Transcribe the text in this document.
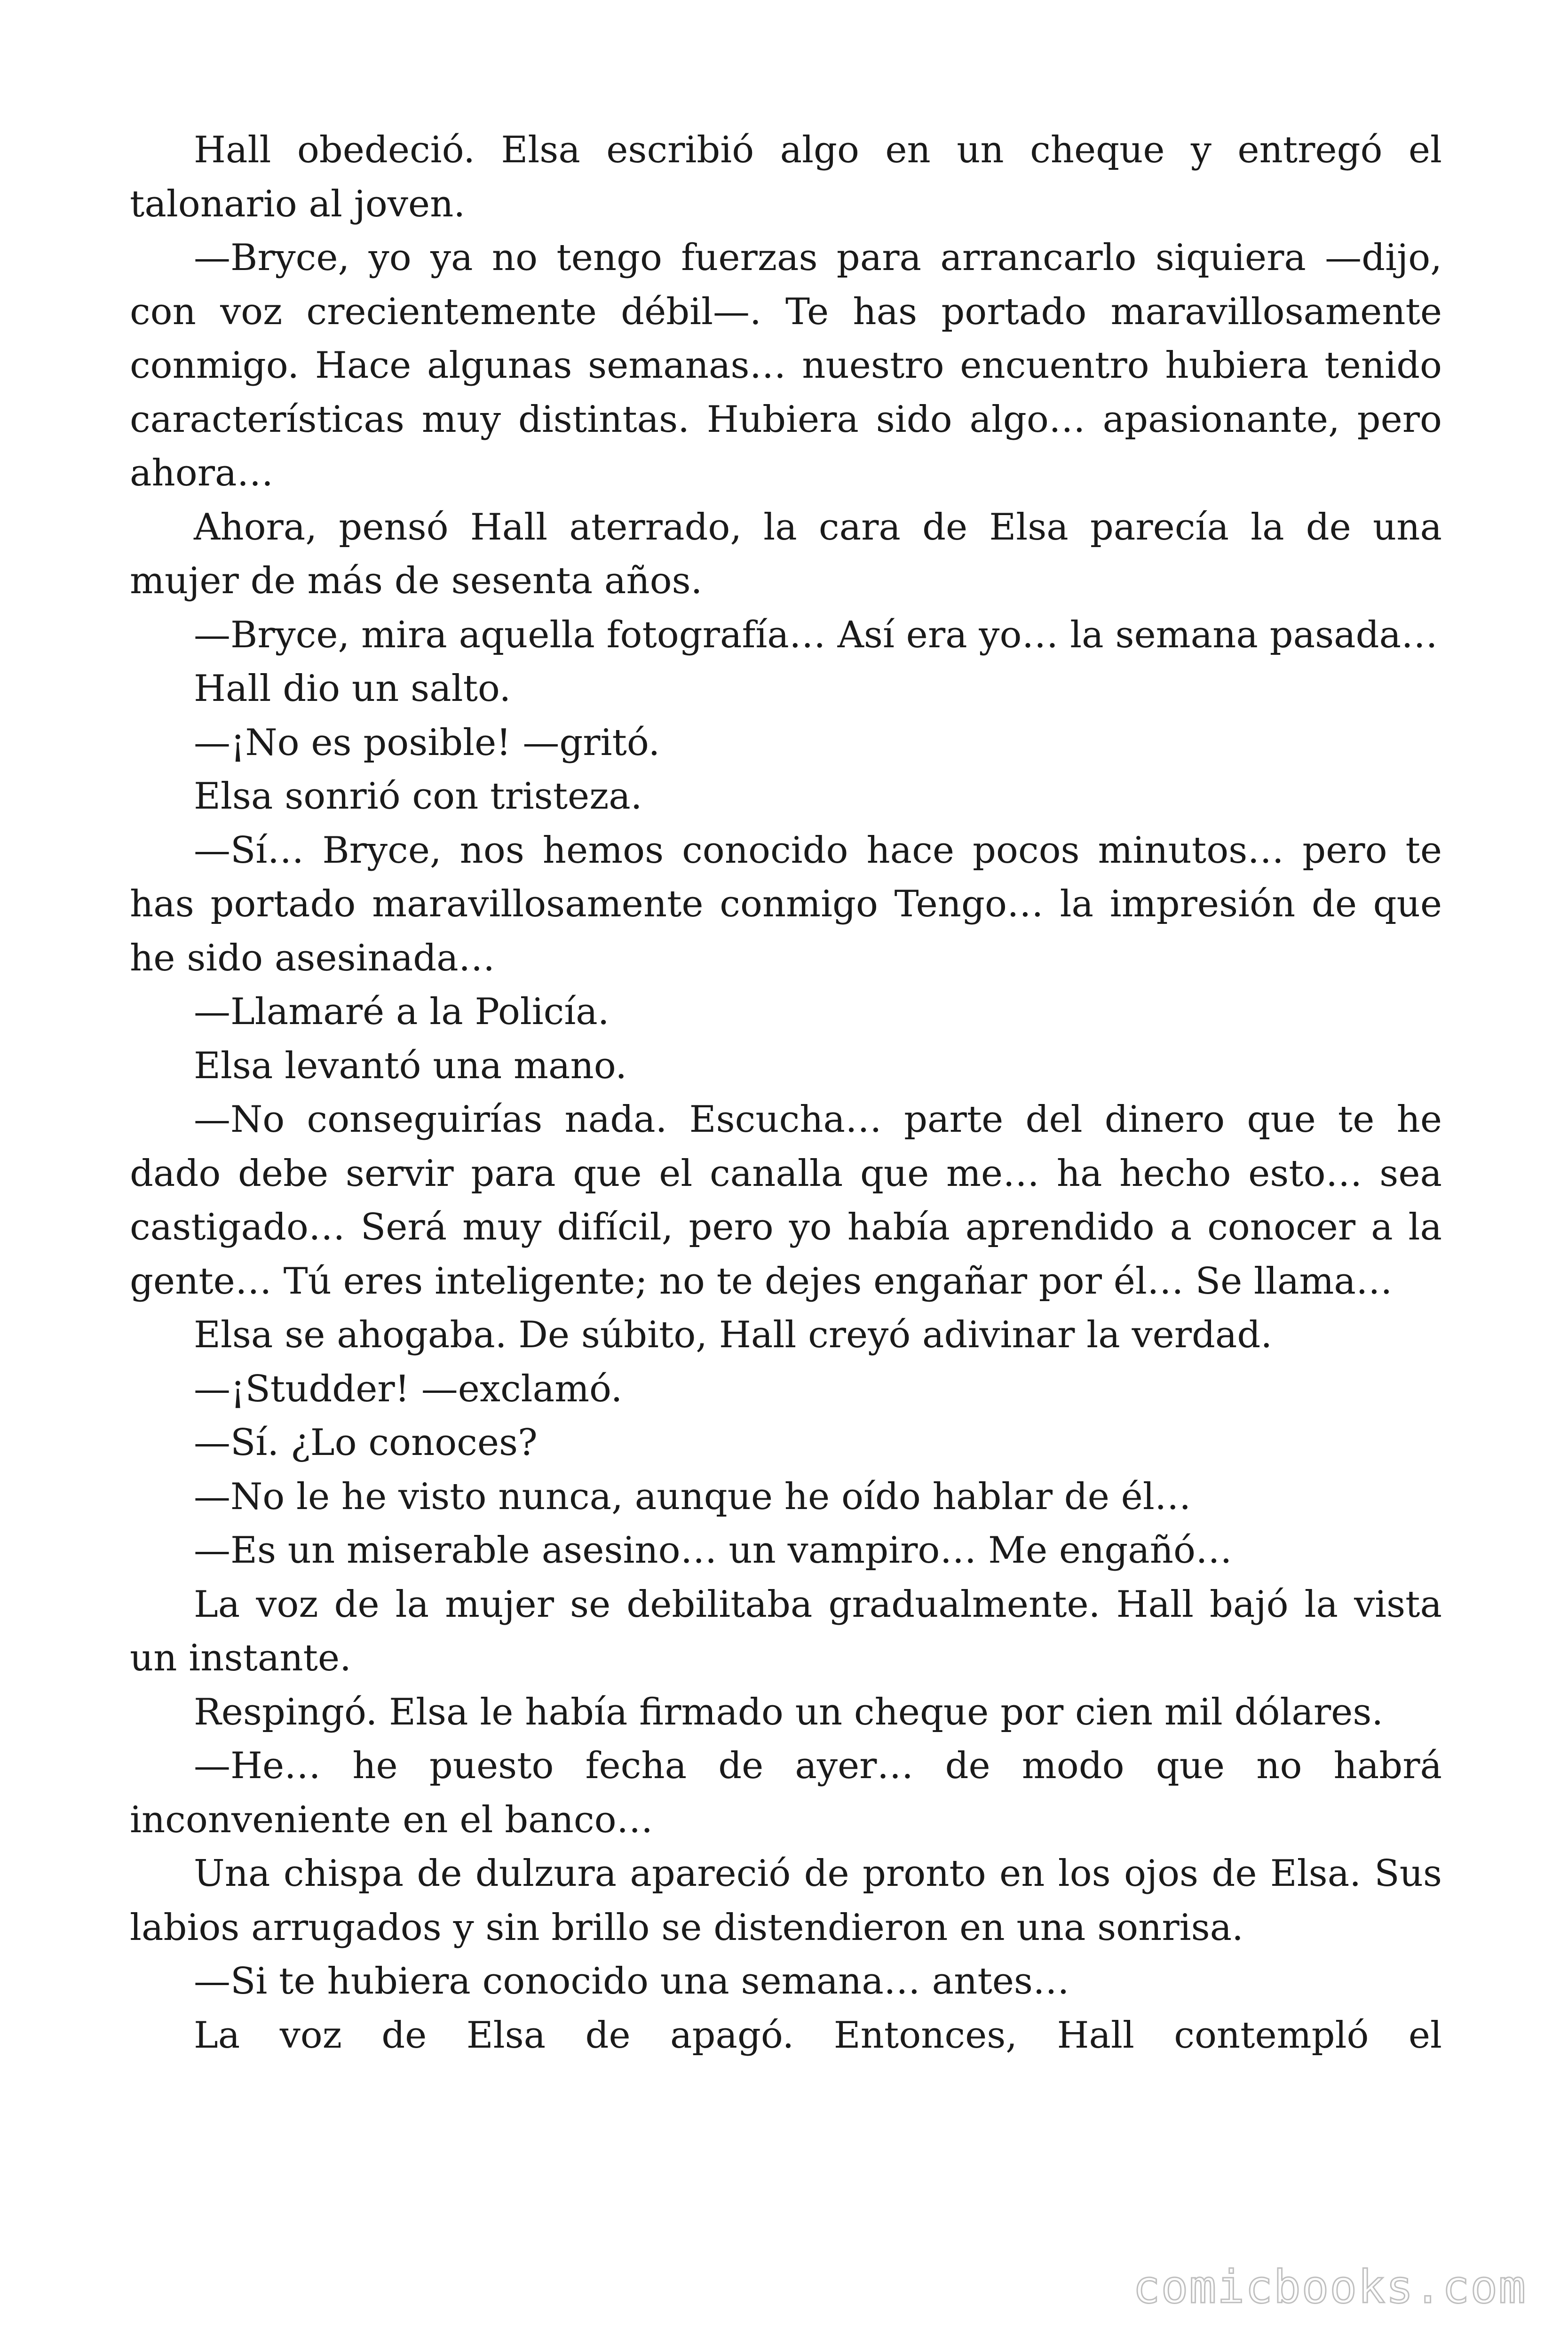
Hall obedeció. Elsa escribió algo en un cheque y entregó el talonario al joven.

—Bryce, yo ya no tengo fuerzas para arrancarlo siquiera —dijo, con voz crecientemente débil—. Te has portado maravillosamente conmigo. Hace algunas semanas… nuestro encuentro hubiera tenido características muy distintas. Hubiera sido algo… apasionante, pero ahora…

Ahora, pensó Hall aterrado, la cara de Elsa parecía la de una mujer de más de sesenta años.

—Bryce, mira aquella fotografía… Así era yo… la semana pasada…

Hall dio un salto.

—¡No es posible! —gritó.

Elsa sonrió con tristeza.

—Sí… Bryce, nos hemos conocido hace pocos minutos… pero te has portado maravillosamente conmigo Tengo… la impresión de que he sido asesinada…

—Llamaré a la Policía.

Elsa levantó una mano.

—No conseguirías nada. Escucha… parte del dinero que te he dado debe servir para que el canalla que me… ha hecho esto… sea castigado… Será muy difícil, pero yo había aprendido a conocer a la gente… Tú eres inteligente; no te dejes engañar por él… Se llama…

Elsa se ahogaba. De súbito, Hall creyó adivinar la verdad.

—¡Studder! —exclamó.

—Sí. ¿Lo conoces?

—No le he visto nunca, aunque he oído hablar de él…

—Es un miserable asesino… un vampiro… Me engañó…

La voz de la mujer se debilitaba gradualmente. Hall bajó la vista un instante.

Respingó. Elsa le había firmado un cheque por cien mil dólares.

—He… he puesto fecha de ayer… de modo que no habrá inconveniente en el banco…

Una chispa de dulzura apareció de pronto en los ojos de Elsa. Sus labios arrugados y sin brillo se distendieron en una sonrisa.

—Si te hubiera conocido una semana… antes…

La voz de Elsa de apagó. Entonces, Hall contempló el

comicbooks.com
